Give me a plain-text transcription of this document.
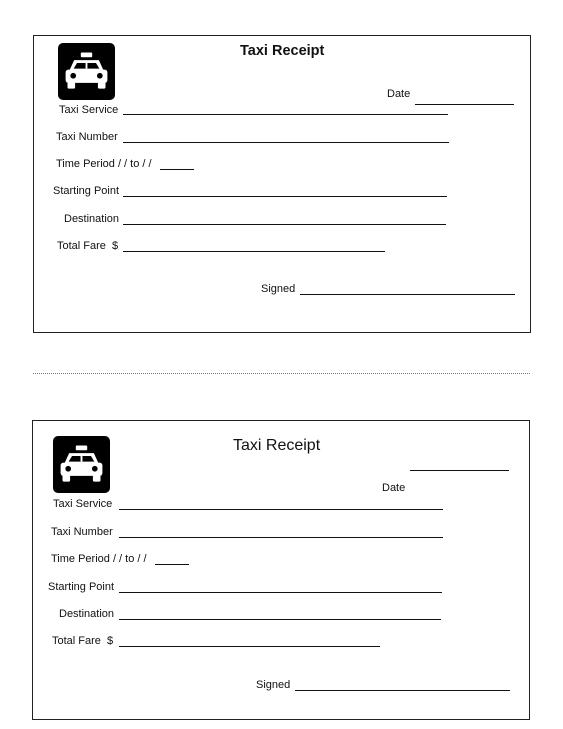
Taxi Receipt
Date
Taxi Service
Taxi Number
Time Period / / to / /
Starting Point
Destination
Total Fare $
Signed
Taxi Receipt
Date
Taxi Service
Taxi Number
Time Period / / to / /
Starting Point
Destination
Total Fare $
Signed
